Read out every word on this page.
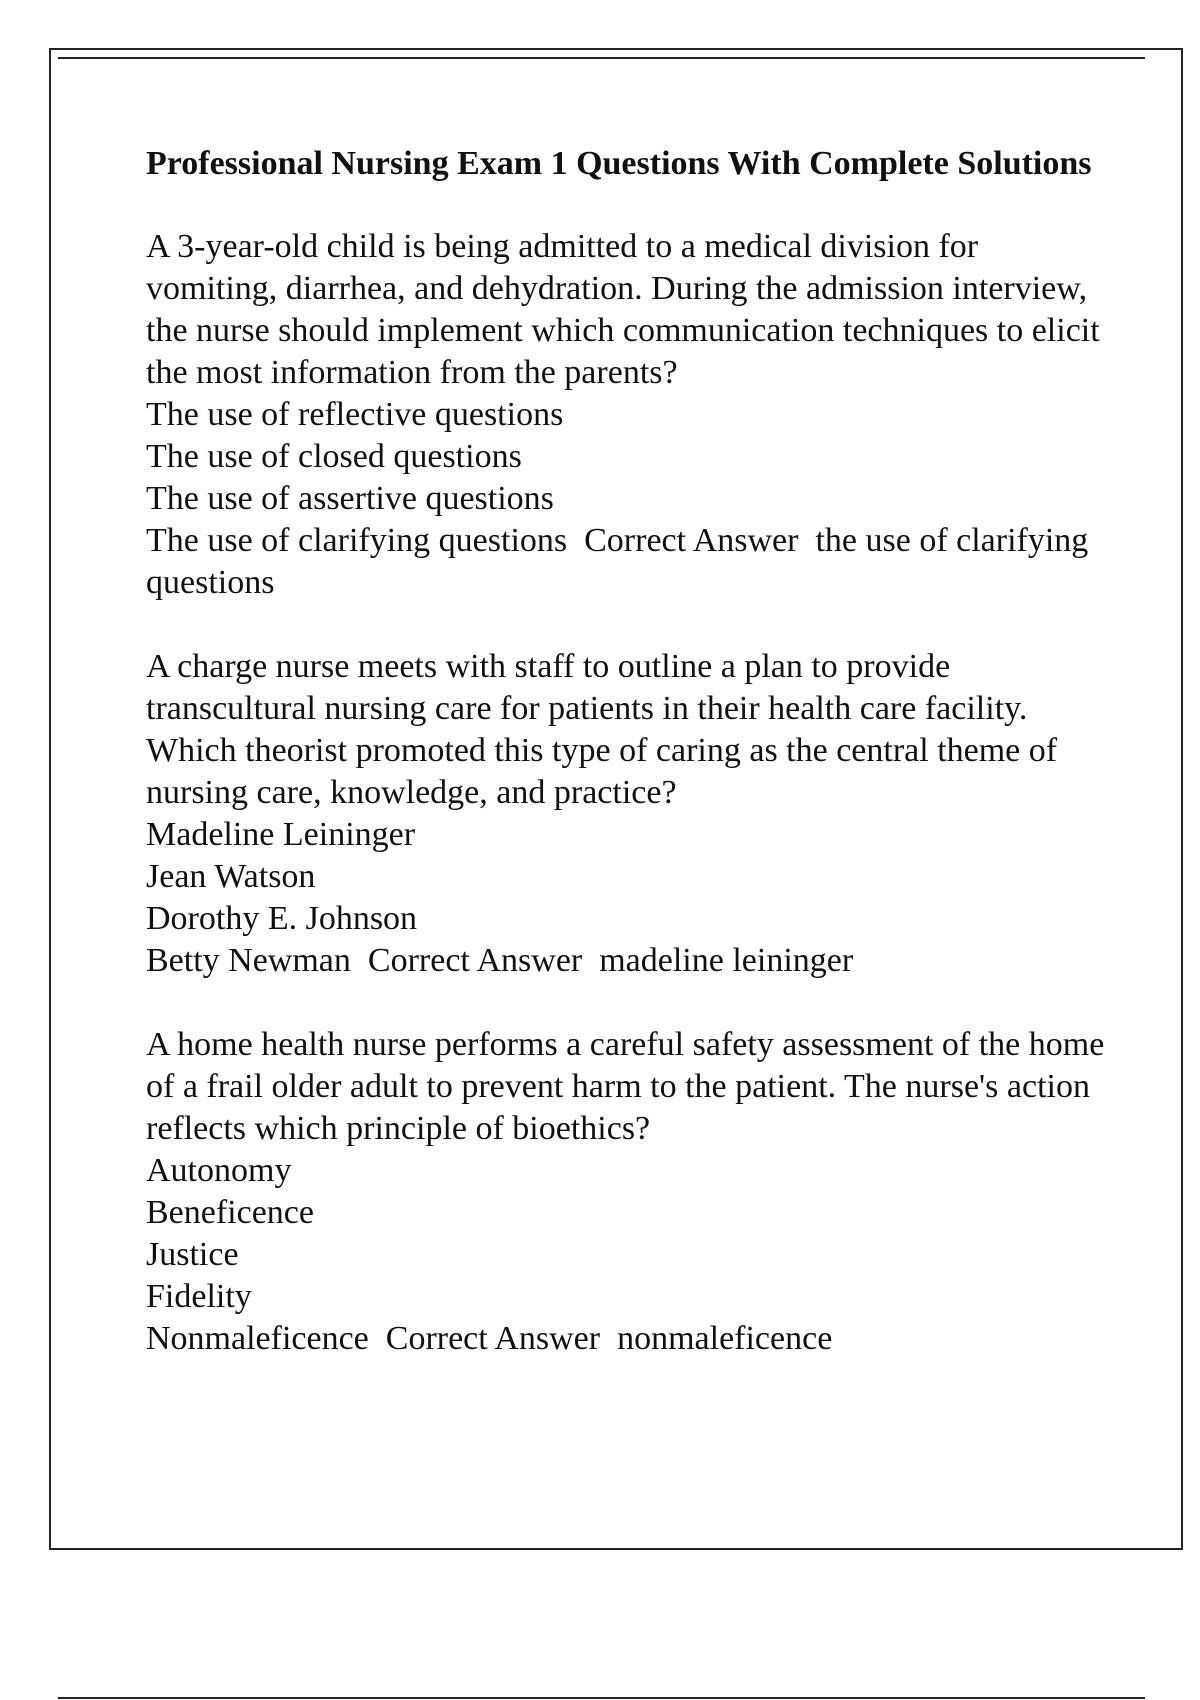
Professional Nursing Exam 1 Questions With Complete Solutions

A 3-year-old child is being admitted to a medical division for vomiting, diarrhea, and dehydration. During the admission interview, the nurse should implement which communication techniques to elicit the most information from the parents?

The use of reflective questions

The use of closed questions

The use of assertive questions

The use of clarifying questions Correct Answer the use of clarifying questions

A charge nurse meets with staff to outline a plan to provide transcultural nursing care for patients in their health care facility. Which theorist promoted this type of caring as the central theme of nursing care, knowledge, and practice?

Madeline Leininger

Jean Watson

Dorothy E. Johnson

Betty Newman Correct Answer madeline leininger

A home health nurse performs a careful safety assessment of the home of a frail older adult to prevent harm to the patient. The nurse's action reflects which principle of bioethics?

Autonomy

Beneficence

Justice

Fidelity

Nonmaleficence Correct Answer nonmaleficence
